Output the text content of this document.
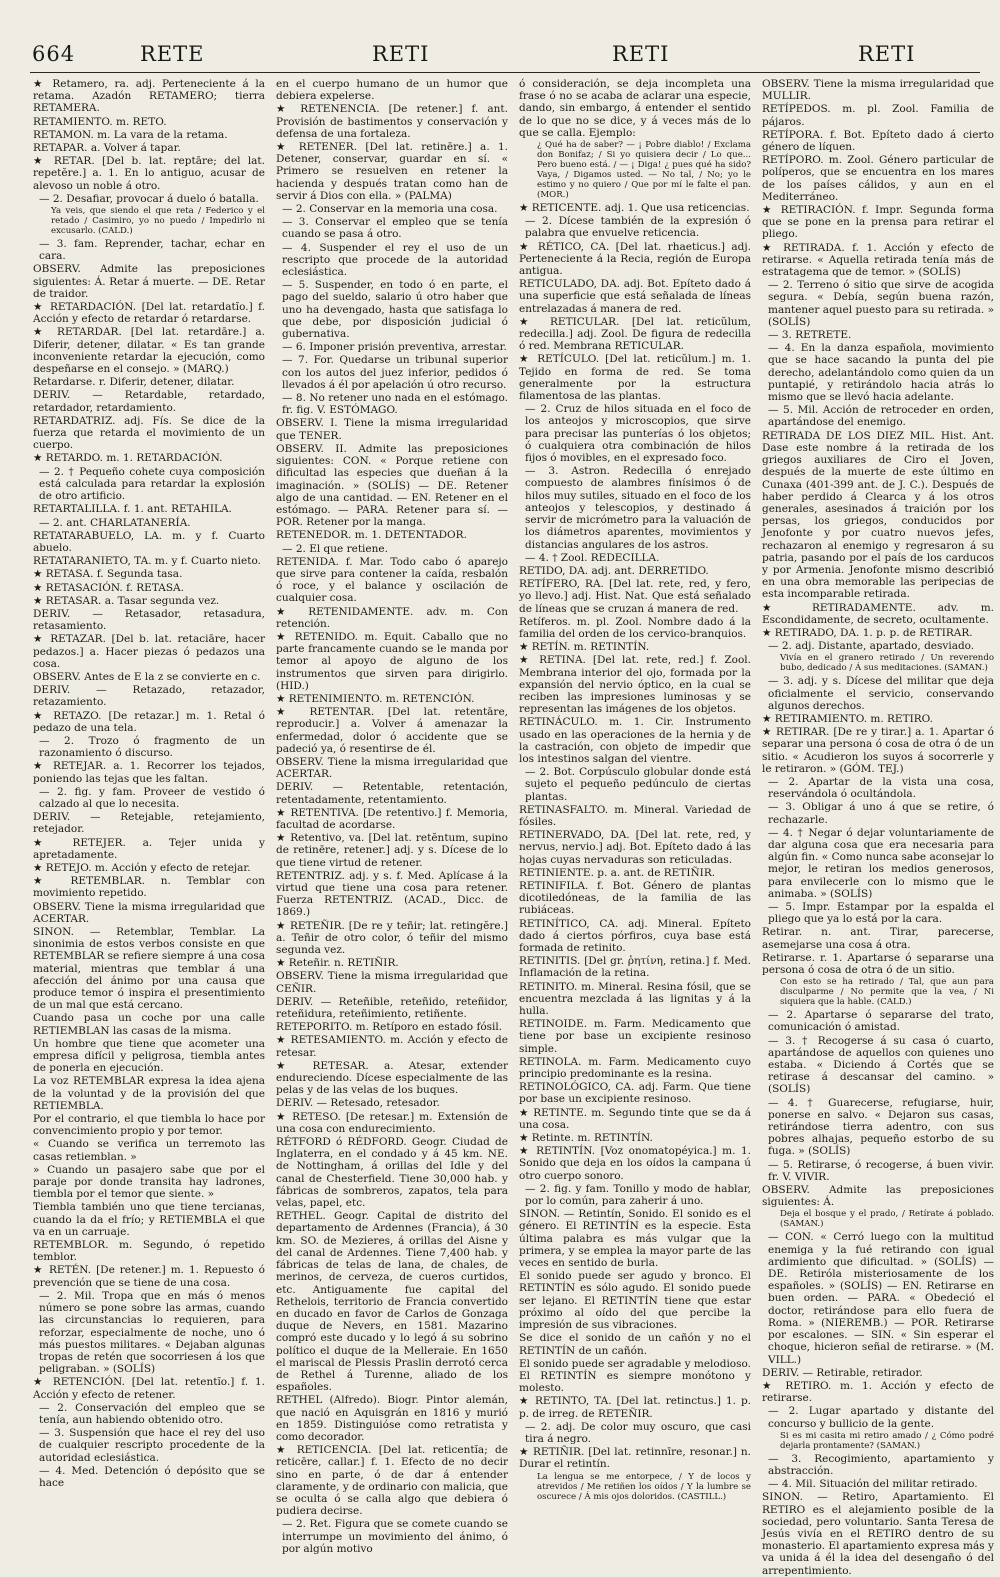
664	RETE	RETI	RETI	RETI

★ Retamero, ra. adj. Perteneciente á la retama. Azadón RETAMERO; tierra RETAMERA.

RETAMIENTO. m. RETO.

RETAMON. m. La vara de la retama.

RETAPAR. a. Volver á tapar.

★ RETAR. [Del b. lat. reptāre; del lat. repetĕre.] a. 1. En lo antiguo, acusar de alevoso un noble á otro.

— 2. Desafiar, provocar á duelo ó batalla.

Ya veis, que siendo el que reta / Federico y el retado / Casimiro, yo no puedo / Impedirlo ni excusarlo. (CALD.)

— 3. fam. Reprender, tachar, echar en cara.

OBSERV. Admite las preposiciones siguientes: Á. Retar á muerte. — DE. Retar de traidor.

★ RETARDACIÓN. [Del lat. retardatĭo.] f. Acción y efecto de retardar ó retardarse.

★ RETARDAR. [Del lat. retardāre.] a. Diferir, detener, dilatar. « Es tan grande inconveniente retardar la ejecución, como despeñarse en el consejo. » (MARQ.)

Retardarse. r. Diferir, detener, dilatar.

DERIV. — Retardable, retardado, retardador, retardamiento.

RETARDATRIZ. adj. Fís. Se dice de la fuerza que retarda el movimiento de un cuerpo.

★ RETARDO. m. 1. RETARDACIÓN.

— 2. † Pequeño cohete cuya composición está calculada para retardar la explosión de otro artificio.

RETARTALILLA. f. 1. ant. RETAHILA.

— 2. ant. CHARLATANERÍA.

RETATARABUELO, LA. m. y f. Cuarto abuelo.

RETATARANIETO, TA. m. y f. Cuarto nieto.

★ RETASA. f. Segunda tasa.

★ RETASACIÓN. f. RETASA.

★ RETASAR. a. Tasar segunda vez.

DERIV. — Retasador, retasadura, retasamiento.

★ RETAZAR. [Del b. lat. retaciāre, hacer pedazos.] a. Hacer piezas ó pedazos una cosa.

OBSERV. Antes de E la z se convierte en c.

DERIV. — Retazado, retazador, retazamiento.

★ RETAZO. [De retazar.] m. 1. Retal ó pedazo de una tela.

— 2. Trozo ó fragmento de un razonamiento ó discurso.

★ RETEJAR. a. 1. Recorrer los tejados, poniendo las tejas que les faltan.

— 2. fig. y fam. Proveer de vestido ó calzado al que lo necesita.

DERIV. — Retejable, retejamiento, retejador.

★ RETEJER. a. Tejer unida y apretadamente.

★ RETEJO. m. Acción y efecto de retejar.

★ RETEMBLAR. n. Temblar con movimiento repetido.

OBSERV. Tiene la misma irregularidad que ACERTAR.

SINON. — Retemblar, Temblar. La sinonimia de estos verbos consiste en que RETEMBLAR se refiere siempre á una cosa material, mientras que temblar á una afección del ánimo por una causa que produce temor ó inspira el presentimiento de un mal que está cercano.

Cuando pasa un coche por una calle RETIEMBLAN las casas de la misma.

Un hombre que tiene que acometer una empresa difícil y peligrosa, tiembla antes de ponerla en ejecución.

La voz RETEMBLAR expresa la idea ajena de la voluntad y de la provisión del que RETIEMBLA.

Por el contrario, el que tiembla lo hace por convencimiento propio y por temor.

« Cuando se verifica un terremoto las casas retiemblan. »

» Cuando un pasajero sabe que por el paraje por donde transita hay ladrones, tiembla por el temor que siente. »

Tiembla también uno que tiene tercianas, cuando la da el frío; y RETIEMBLA el que va en un carruaje.

RETEMBLOR. m. Segundo, ó repetido temblor.

★ RETÉN. [De retener.] m. 1. Repuesto ó prevención que se tiene de una cosa.

— 2. Mil. Tropa que en más ó menos número se pone sobre las armas, cuando las circunstancias lo requieren, para reforzar, especialmente de noche, uno ó más puestos militares. « Dejaban algunas tropas de retén que socorriesen á los que peligraban. » (SOLÍS)

★ RETENCIÓN. [Del lat. retentĭo.] f. 1. Acción y efecto de retener.

— 2. Conservación del empleo que se tenía, aun habiendo obtenido otro.

— 3. Suspensión que hace el rey del uso de cualquier rescripto procedente de la autoridad eclesiástica.

— 4. Med. Detención ó depósito que se hace

en el cuerpo humano de un humor que debiera expelerse.

★ RETENENCIA. [De retener.] f. ant. Provisión de bastimentos y conservación y defensa de una fortaleza.

★ RETENER. [Del lat. retinēre.] a. 1. Detener, conservar, guardar en sí. « Primero se resuelven en retener la hacienda y después tratan como han de servir á Dios con ella. » (PALMA)

— 2. Conservar en la memoria una cosa.

— 3. Conservar el empleo que se tenía cuando se pasa á otro.

— 4. Suspender el rey el uso de un rescripto que procede de la autoridad eclesiástica.

— 5. Suspender, en todo ó en parte, el pago del sueldo, salario ú otro haber que uno ha devengado, hasta que satisfaga lo que debe, por disposición judicial ó gubernativa.

— 6. Imponer prisión preventiva, arrestar.

— 7. For. Quedarse un tribunal superior con los autos del juez inferior, pedidos ó llevados á él por apelación ú otro recurso.

— 8. No retener uno nada en el estómago. fr. fig. V. ESTÓMAGO.

OBSERV. I. Tiene la misma irregularidad que TENER.

OBSERV. II. Admite las preposiciones siguientes: CON. « Porque retiene con dificultad las especies que dueñan á la imaginación. » (SOLÍS) — DE. Retener algo de una cantidad. — EN. Retener en el estómago. — PARA. Retener para sí. — POR. Retener por la manga.

RETENEDOR. m. 1. DETENTADOR.

— 2. El que retiene.

RETENIDA. f. Mar. Todo cabo ó aparejo que sirve para contener la caída, resbalón ó roce, y el balance y oscilación de cualquier cosa.

★ RETENIDAMENTE. adv. m. Con retención.

★ RETENIDO. m. Equit. Caballo que no parte francamente cuando se le manda por temor al apoyo de alguno de los instrumentos que sirven para dirigirlo. (HID.)

★ RETENIMIENTO. m. RETENCIÓN.

★ RETENTAR. [Del lat. retentāre, reproducir.] a. Volver á amenazar la enfermedad, dolor ó accidente que se padeció ya, ó resentirse de él.

OBSERV. Tiene la misma irregularidad que ACERTAR.

DERIV. — Retentable, retentación, retentadamente, retentamiento.

★ RETENTIVA. [De retentivo.] f. Memoria, facultad de acordarse.

★ Retentivo, va. [Del lat. retĕntum, supino de retinēre, retener.] adj. y s. Dícese de lo que tiene virtud de retener.

RETENTRIZ. adj. y s. f. Med. Aplícase á la virtud que tiene una cosa para retener. Fuerza RETENTRIZ. (ACAD., Dicc. de 1869.)

★ RETEÑIR. [De re y teñir; lat. retingĕre.] a. Teñir de otro color, ó teñir del mismo segunda vez.

★ Reteñir. n. RETIÑIR.

OBSERV. Tiene la misma irregularidad que CEÑIR.

DERIV. — Reteñible, reteñido, reteñidor, reteñidura, reteñimiento, retiñente.

RETEPORITO. m. Retíporo en estado fósil.

★ RETESAMIENTO. m. Acción y efecto de retesar.

★ RETESAR. a. Atesar, extender endureciendo. Dícese especialmente de las pelas y de las velas de los buques.

DERIV. — Retesado, retesador.

★ RETESO. [De retesar.] m. Extensión de una cosa con endurecimiento.

RÉTFORD ó RÉDFORD. Geogr. Ciudad de Inglaterra, en el condado y á 45 km. NE. de Nottingham, á orillas del Idle y del canal de Chesterfield. Tiene 30,000 hab. y fábricas de sombreros, zapatos, tela para velas, papel, etc.

RETHEL. Geogr. Capital de distrito del departamento de Ardennes (Francia), á 30 km. SO. de Mezieres, á orillas del Aisne y del canal de Ardennes. Tiene 7,400 hab. y fábricas de telas de lana, de chales, de merinos, de cerveza, de cueros curtidos, etc. Antiguamente fue capital del Rethelois, territorio de Francia convertido en ducado en favor de Carlos de Gonzaga duque de Nevers, en 1581. Mazarino compró este ducado y lo legó á su sobrino político el duque de la Melleraie. En 1650 el mariscal de Plessis Praslin derrotó cerca de Rethel á Turenne, aliado de los españoles.

RETHEL (Alfredo). Biogr. Pintor alemán, que nació en Aquisgrán en 1816 y murió en 1859. Distinguióse como retratista y como decorador.

★ RETICENCIA. [Del lat. reticentĭa; de reticēre, callar.] f. 1. Efecto de no decir sino en parte, ó de dar á entender claramente, y de ordinario con malicia, que se oculta ó se calla algo que debiera ó pudiera decirse.

— 2. Ret. Figura que se comete cuando se interrumpe un movimiento del ánimo, ó por algún motivo

ó consideración, se deja incompleta una frase ó no se acaba de aclarar una especie, dando, sin embargo, á entender el sentido de lo que no se dice, y á veces más de lo que se calla. Ejemplo:

¿ Qué ha de saber? — ¡ Pobre diablo! / Exclama don Bonifaz; / Si yo quisiera decir / Lo que... Pero bueno está. / — ¡ Diga! ¿ pues qué ha sido? Vaya, / Digamos usted. — No tal, / No; yo le estimo y no quiero / Que por mí le falte el pan. (MOR.)

★ RETICENTE. adj. 1. Que usa reticencias.

— 2. Dícese también de la expresión ó palabra que envuelve reticencia.

★ RÉTICO, CA. [Del lat. rhaeticus.] adj. Perteneciente á la Recia, región de Europa antigua.

RETICULADO, DA. adj. Bot. Epíteto dado á una superficie que está señalada de líneas entrelazadas á manera de red.

★ RETICULAR. [Del lat. reticŭlum, redecilla.] adj. Zool. De figura de redecilla ó red. Membrana RETICULAR.

★ RETÍCULO. [Del lat. reticŭlum.] m. 1. Tejido en forma de red. Se toma generalmente por la estructura filamentosa de las plantas.

— 2. Cruz de hilos situada en el foco de los anteojos y microscopios, que sirve para precisar las punterías ó los objetos; ó cualquiera otra combinación de hilos fijos ó movibles, en el expresado foco.

— 3. Astron. Redecilla ó enrejado compuesto de alambres finísimos ó de hilos muy sutiles, situado en el foco de los anteojos y telescopios, y destinado á servir de micrómetro para la valuación de los diámetros aparentes, movimientos y distancias angulares de los astros.

— 4. † Zool. REDECILLA.

RETIDO, DA. adj. ant. DERRETIDO.

RETÍFERO, RA. [Del lat. rete, red, y fero, yo llevo.] adj. Hist. Nat. Que está señalado de líneas que se cruzan á manera de red.

Retíferos. m. pl. Zool. Nombre dado á la familia del orden de los cervico-branquios.

★ RETÍN. m. RETINTÍN.

★ RETINA. [Del lat. rete, red.] f. Zool. Membrana interior del ojo, formada por la expansión del nervio óptico, en la cual se reciben las impresiones luminosas y se representan las imágenes de los objetos.

RETINÁCULO. m. 1. Cir. Instrumento usado en las operaciones de la hernia y de la castración, con objeto de impedir que los intestinos salgan del vientre.

— 2. Bot. Corpúsculo globular donde está sujeto el pequeño pedúnculo de ciertas plantas.

RETINASFALTO. m. Mineral. Variedad de fósiles.

RETINERVADO, DA. [Del lat. rete, red, y nervus, nervio.] adj. Bot. Epíteto dado á las hojas cuyas nervaduras son reticuladas.

RETINIENTE. p. a. ant. de RETIÑIR.

RETINIFILA. f. Bot. Género de plantas dicotiledóneas, de la familia de las rubiáceas.

RETINÍTICO, CA. adj. Mineral. Epíteto dado á ciertos pórfiros, cuya base está formada de retinito.

RETINITIS. [Del gr. ῥητίνη, retina.] f. Med. Inflamación de la retina.

RETINITO. m. Mineral. Resina fósil, que se encuentra mezclada á las lignitas y á la hulla.

RETINOIDE. m. Farm. Medicamento que tiene por base un excipiente resinoso simple.

RETINOLA. m. Farm. Medicamento cuyo principio predominante es la resina.

RETINOLÓGICO, CA. adj. Farm. Que tiene por base un excipiente resinoso.

★ RETINTE. m. Segundo tinte que se da á una cosa.

★ Retinte. m. RETINTÍN.

★ RETINTÍN. [Voz onomatopéyica.] m. 1. Sonido que deja en los oídos la campana ú otro cuerpo sonoro.

— 2. fig. y fam. Tonillo y modo de hablar, por lo común, para zaherir á uno.

SINON. — Retintín, Sonido. El sonido es el género. El RETINTÍN es la especie. Esta última palabra es más vulgar que la primera, y se emplea la mayor parte de las veces en sentido de burla.

El sonido puede ser agudo y bronco. El RETINTÍN es sólo agudo. El sonido puede ser lejano. El RETINTÍN tiene que estar próximo al oído del que percibe la impresión de sus vibraciones.

Se dice el sonido de un cañón y no el RETINTÍN de un cañón.

El sonido puede ser agradable y melodioso. El RETINTÍN es siempre monótono y molesto.

★ RETINTO, TA. [Del lat. retinctus.] 1. p. p. de irreg. de RETEÑIR.

— 2. adj. De color muy oscuro, que casi tira á negro.

★ RETIÑIR. [Del lat. retinnīre, resonar.] n. Durar el retintín.

La lengua se me entorpece, / Y de locos y atrevidos / Me retiñen los oídos / Y la lumbre se oscurece / Á mis ojos doloridos. (CASTILL.)

OBSERV. Tiene la misma irregularidad que MULLIR.

RETÍPEDOS. m. pl. Zool. Familia de pájaros.

RETÍPORA. f. Bot. Epíteto dado á cierto género de líquen.

RETÍPORO. m. Zool. Género particular de políperos, que se encuentra en los mares de los países cálidos, y aun en el Mediterráneo.

★ RETIRACIÓN. f. Impr. Segunda forma que se pone en la prensa para retirar el pliego.

★ RETIRADA. f. 1. Acción y efecto de retirarse. « Aquella retirada tenía más de estratagema que de temor. » (SOLÍS)

— 2. Terreno ó sitio que sirve de acogida segura. « Debía, según buena razón, mantener aquel puesto para su retirada. » (SOLÍS)

— 3. RETRETE.

— 4. En la danza española, movimiento que se hace sacando la punta del pie derecho, adelantándolo como quien da un puntapié, y retirándolo hacia atrás lo mismo que se llevó hacia adelante.

— 5. Mil. Acción de retroceder en orden, apartándose del enemigo.

RETIRADA DE LOS DIEZ MIL. Hist. Ant. Dase este nombre á la retirada de los griegos auxiliares de Ciro el Joven, después de la muerte de este último en Cunaxa (401-399 ant. de J. C.). Después de haber perdido á Clearca y á los otros generales, asesinados á traición por los persas, los griegos, conducidos por Jenofonte y por cuatro nuevos jefes, rechazaron al enemigo y regresaron á su patria, pasando por el país de los carducos y por Armenia. Jenofonte mismo describió en una obra memorable las peripecias de esta incomparable retirada.

★ RETIRADAMENTE. adv. m. Escondidamente, de secreto, ocultamente.

★ RETIRADO, DA. 1. p. p. de RETIRAR.

— 2. adj. Distante, apartado, desviado.

Vivía en el granero retirado / Un reverendo bubo, dedicado / Á sus meditaciones. (SAMAN.)

— 3. adj. y s. Dícese del militar que deja oficialmente el servicio, conservando algunos derechos.

★ RETIRAMIENTO. m. RETIRO.

★ RETIRAR. [De re y tirar.] a. 1. Apartar ó separar una persona ó cosa de otra ó de un sitio. « Acudieron los suyos á socorrerle y le retiraron. » (GÓM. TEJ.)

— 2. Apartar de la vista una cosa, reservándola ó ocultándola.

— 3. Obligar á uno á que se retire, ó rechazarle.

— 4. † Negar ó dejar voluntariamente de dar alguna cosa que era necesaria para algún fin. « Como nunca sabe aconsejar lo mejor, le retiran los medios generosos, para envilecerle con lo mismo que le animaba. » (SOLÍS)

— 5. Impr. Estampar por la espalda el pliego que ya lo está por la cara.

Retirar. n. ant. Tirar, parecerse, asemejarse una cosa á otra.

Retirarse. r. 1. Apartarse ó separarse una persona ó cosa de otra ó de un sitio.

Con esto se ha retirado / Tal, que aun para disculparme / No permite que la vea, / Ni siquiera que la hable. (CALD.)

— 2. Apartarse ó separarse del trato, comunicación ó amistad.

— 3. † Recogerse á su casa ó cuarto, apartándose de aquellos con quienes uno estaba. « Diciendo á Cortés que se retirase á descansar del camino. » (SOLÍS)

— 4. † Guarecerse, refugiarse, huir, ponerse en salvo. « Dejaron sus casas, retirándose tierra adentro, con sus pobres alhajas, pequeño estorbo de su fuga. » (SOLÍS)

— 5. Retirarse, ó recogerse, á buen vivir. fr. V. VIVIR.

OBSERV. Admite las preposiciones siguientes: Á.

Deja el bosque y el prado, / Retírate á poblado. (SAMAN.)

— CON. « Cerró luego con la multitud enemiga y la fué retirando con igual ardimiento que dificultad. » (SOLÍS) — DE. Retiróla misteriosamente de los españoles. » (SOLÍS) — EN. Retirarse en buen orden. — PARA. « Obedeció el doctor, retirándose para ello fuera de Roma. » (NIEREMB.) — POR. Retirarse por escalones. — SIN. « Sin esperar el choque, hicieron señal de retirarse. » (M. VILL.)

DERIV. — Retirable, retirador.

★ RETIRO. m. 1. Acción y efecto de retirarse.

— 2. Lugar apartado y distante del concurso y bullicio de la gente.

Si es mi casita mi retiro amado / ¿ Cómo podré dejarla prontamente? (SAMAN.)

— 3. Recogimiento, apartamiento y abstracción.

— 4. Mil. Situación del militar retirado.

SINON. — Retiro, Apartamiento. El RETIRO es el alejamiento posible de la sociedad, pero voluntario. Santa Teresa de Jesús vivía en el RETIRO dentro de su monasterio. El apartamiento expresa más y va unida á él la idea del desengaño ó del arrepentimiento.
